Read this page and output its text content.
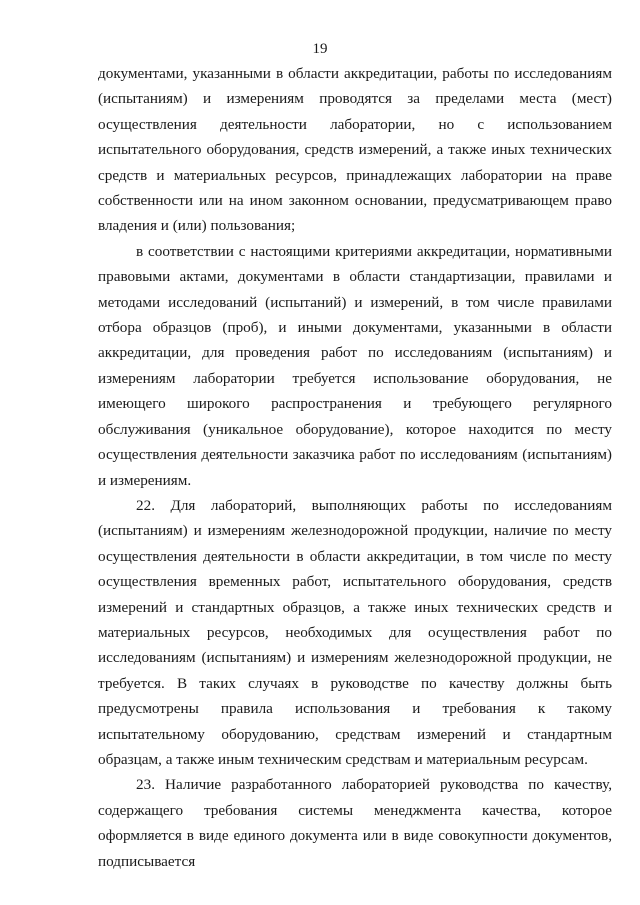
19

документами, указанными в области аккредитации, работы по исследованиям (испытаниям) и измерениям проводятся за пределами места (мест) осуществления деятельности лаборатории, но с использованием испытательного оборудования, средств измерений, а также иных технических средств и материальных ресурсов, принадлежащих лаборатории на праве собственности или на ином законном основании, предусматривающем право владения и (или) пользования;

в соответствии с настоящими критериями аккредитации, нормативными правовыми актами, документами в области стандартизации, правилами и методами исследований (испытаний) и измерений, в том числе правилами отбора образцов (проб), и иными документами, указанными в области аккредитации, для проведения работ по исследованиям (испытаниям) и измерениям лаборатории требуется использование оборудования, не имеющего широкого распространения и требующего регулярного обслуживания (уникальное оборудование), которое находится по месту осуществления деятельности заказчика работ по исследованиям (испытаниям) и измерениям.

22. Для лабораторий, выполняющих работы по исследованиям (испытаниям) и измерениям железнодорожной продукции, наличие по месту осуществления деятельности в области аккредитации, в том числе по месту осуществления временных работ, испытательного оборудования, средств измерений и стандартных образцов, а также иных технических средств и материальных ресурсов, необходимых для осуществления работ по исследованиям (испытаниям) и измерениям железнодорожной продукции, не требуется. В таких случаях в руководстве по качеству должны быть предусмотрены правила использования и требования к такому испытательному оборудованию, средствам измерений и стандартным образцам, а также иным техническим средствам и материальным ресурсам.

23. Наличие разработанного лабораторией руководства по качеству, содержащего требования системы менеджмента качества, которое оформляется в виде единого документа или в виде совокупности документов, подписывается
